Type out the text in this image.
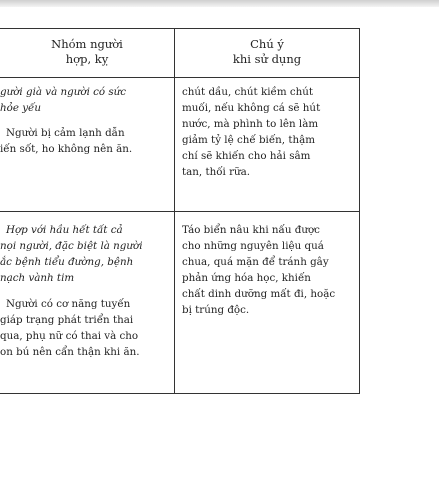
Nhóm người
hợp, kỵ
Chú ý
khi sử dụng
gười già và người có sức
hỏe yếu
Người bị cảm lạnh dẫn
iến sốt, ho không nên ăn.
chút dầu, chút kiềm chút
muối, nếu không cá sẽ hút
nước, mà phình to lên làm
giảm tỷ lệ chế biến, thậm
chí sẽ khiến cho hải sâm
tan, thối rữa.
Hợp với hầu hết tất cả
nọi người, đặc biệt là người
ắc bệnh tiểu đường, bệnh
nạch vành tim
Người có cơ năng tuyến
giáp trạng phát triển thai
qua, phụ nữ có thai và cho
on bú nên cẩn thận khi ăn.
Táo biển nâu khi nấu được
cho những nguyên liệu quá
chua, quá mặn để tránh gây
phản ứng hóa học, khiến
chất dinh dưỡng mất đi, hoặc
bị trúng độc.
